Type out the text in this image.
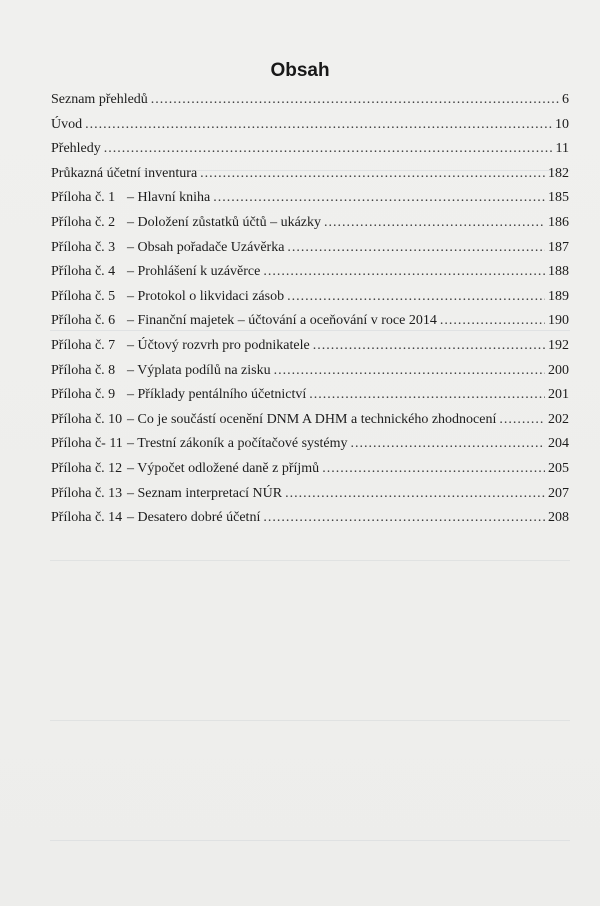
Obsah
Seznam přehledů .....	6
Úvod .....	10
Přehledy .....	11
Průkazná účetní inventura .....	182
Příloha č. 1 – Hlavní kniha .....	185
Příloha č. 2 – Doložení zůstatků účtů – ukázky .....	186
Příloha č. 3 – Obsah pořadače Uzávěrka .....	187
Příloha č. 4 – Prohlášení k uzávěrce .....	188
Příloha č. 5 – Protokol o likvidaci zásob .....	189
Příloha č. 6 – Finanční majetek – účtování a oceňování v roce 2014 .....	190
Příloha č. 7 – Účtový rozvrh pro podnikatele .....	192
Příloha č. 8 – Výplata podílů na zisku .....	200
Příloha č. 9 – Příklady pentálního účetnictví .....	201
Příloha č. 10 – Co je součástí ocenění DNM A DHM a technického zhodnocení .....	202
Příloha č- 11 – Trestní zákoník a počítačové systémy .....	204
Příloha č. 12 – Výpočet odložené daně z příjmů .....	205
Příloha č. 13 – Seznam interpretací NÚR .....	207
Příloha č. 14 – Desatero dobré účetní .....	208
